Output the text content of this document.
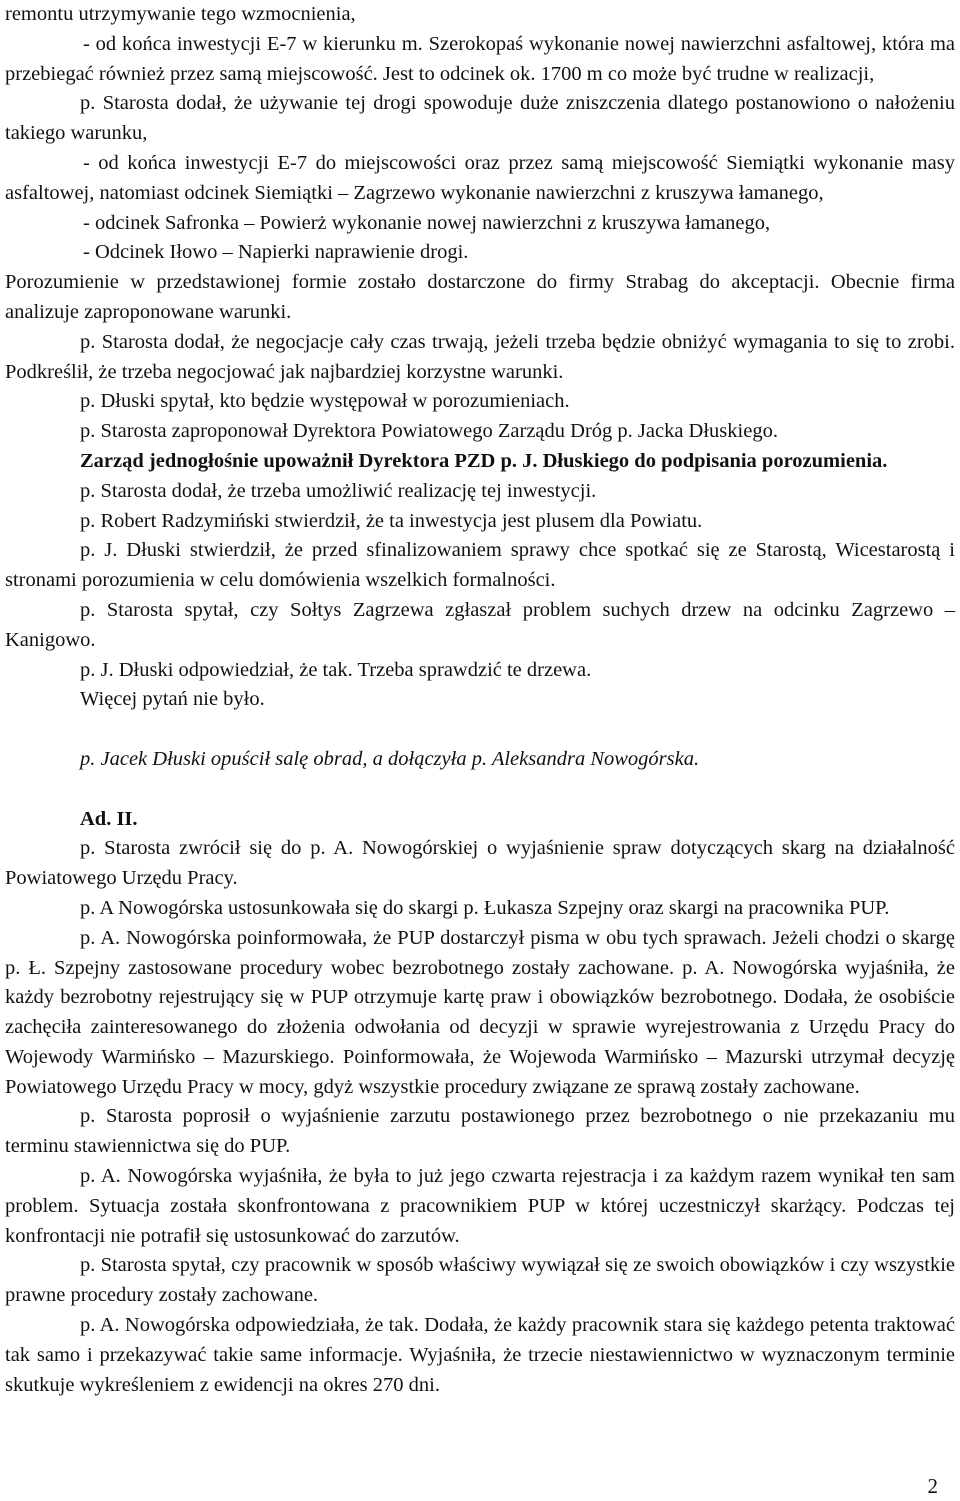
remontu utrzymywanie tego wzmocnienia,

- od końca inwestycji E-7 w kierunku m. Szerokopaś wykonanie nowej nawierzchni asfaltowej, która ma przebiegać również przez samą miejscowość. Jest to odcinek ok. 1700 m co może być trudne w realizacji,

p. Starosta dodał, że używanie tej drogi spowoduje duże zniszczenia dlatego postanowiono o nałożeniu takiego warunku,

- od końca inwestycji E-7 do miejscowości oraz przez samą miejscowość Siemiątki wykonanie masy asfaltowej, natomiast odcinek Siemiątki – Zagrzewo wykonanie nawierzchni z kruszywa łamanego,

- odcinek Safronka – Powierż wykonanie nowej nawierzchni z kruszywa łamanego,

- Odcinek Iłowo – Napierki naprawienie drogi.

Porozumienie w przedstawionej formie zostało dostarczone do firmy Strabag do akceptacji. Obecnie firma analizuje zaproponowane warunki.

p. Starosta dodał, że negocjacje cały czas trwają, jeżeli trzeba będzie obniżyć wymagania to się to zrobi. Podkreślił, że trzeba negocjować jak najbardziej korzystne warunki.

p. Dłuski spytał, kto będzie występował w porozumieniach.

p. Starosta zaproponował Dyrektora Powiatowego Zarządu Dróg p. Jacka Dłuskiego.

Zarząd jednogłośnie upoważnił Dyrektora PZD p. J. Dłuskiego do podpisania porozumienia.

p. Starosta dodał, że trzeba umożliwić realizację tej inwestycji.

p. Robert Radzymiński stwierdził, że ta inwestycja jest plusem dla Powiatu.

p. J. Dłuski stwierdził, że przed sfinalizowaniem sprawy chce spotkać się ze Starostą, Wicestarostą i stronami porozumienia w celu domówienia wszelkich formalności.

p. Starosta spytał, czy Sołtys Zagrzewa zgłaszał problem suchych drzew na odcinku Zagrzewo – Kanigowo.

p. J. Dłuski odpowiedział, że tak. Trzeba sprawdzić te drzewa.

Więcej pytań nie było.

p. Jacek Dłuski opuścił salę obrad, a dołączyła p. Aleksandra Nowogórska.

Ad. II.

p. Starosta zwrócił się do p. A. Nowogórskiej o wyjaśnienie spraw dotyczących skarg na działalność Powiatowego Urzędu Pracy.

p. A Nowogórska ustosunkowała się do skargi p. Łukasza Szpejny oraz skargi na pracownika PUP.

p. A. Nowogórska poinformowała, że PUP dostarczył pisma w obu tych sprawach. Jeżeli chodzi o skargę p. Ł. Szpejny zastosowane procedury wobec bezrobotnego zostały zachowane. p. A. Nowogórska wyjaśniła, że każdy bezrobotny rejestrujący się w PUP otrzymuje kartę praw i obowiązków bezrobotnego. Dodała, że osobiście zachęciła zainteresowanego do złożenia odwołania od decyzji w sprawie wyrejestrowania z Urzędu Pracy do Wojewody Warmińsko – Mazurskiego. Poinformowała, że Wojewoda Warmińsko – Mazurski utrzymał decyzję Powiatowego Urzędu Pracy w mocy, gdyż wszystkie procedury związane ze sprawą zostały zachowane.

p. Starosta poprosił o wyjaśnienie zarzutu postawionego przez bezrobotnego o nie przekazaniu mu terminu stawiennictwa się do PUP.

p. A. Nowogórska wyjaśniła, że była to już jego czwarta rejestracja i za każdym razem wynikał ten sam problem. Sytuacja została skonfrontowana z pracownikiem PUP w której uczestniczył skarżący. Podczas tej konfrontacji nie potrafił się ustosunkować do zarzutów.

p. Starosta spytał, czy pracownik w sposób właściwy wywiązał się ze swoich obowiązków i czy wszystkie prawne procedury zostały zachowane.

p. A. Nowogórska odpowiedziała, że tak. Dodała, że każdy pracownik stara się każdego petenta traktować tak samo i przekazywać takie same informacje. Wyjaśniła, że trzecie niestawiennictwo w wyznaczonym terminie skutkuje wykreśleniem z ewidencji na okres 270 dni.

2
